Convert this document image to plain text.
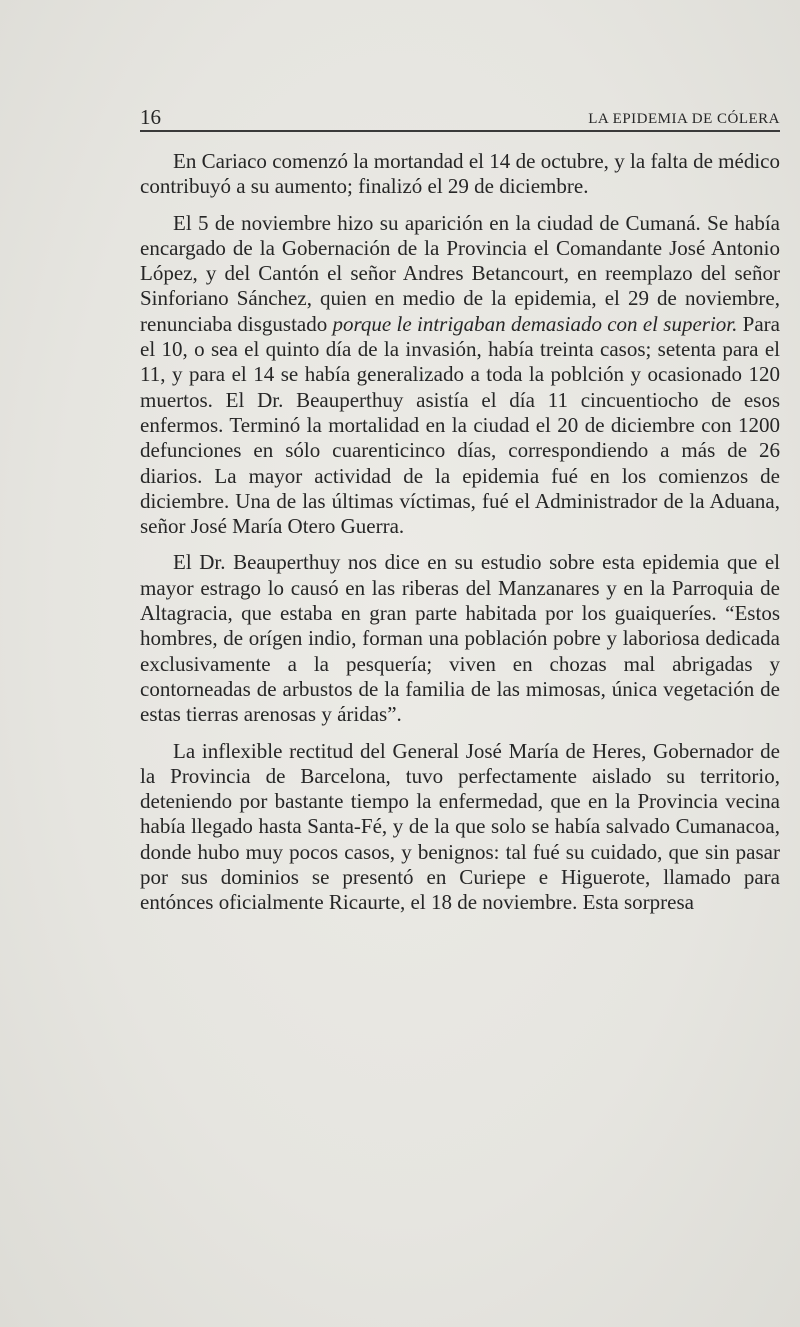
16	LA EPIDEMIA DE CÓLERA

En Cariaco comenzó la mortandad el 14 de octubre, y la falta de médico contribuyó a su aumento; finalizó el 29 de diciembre.

El 5 de noviembre hizo su aparición en la ciudad de Cumaná. Se había encargado de la Gobernación de la Provincia el Comandante José Antonio López, y del Cantón el señor Andres Betancourt, en reemplazo del señor Sinforiano Sánchez, quien en medio de la epidemia, el 29 de noviembre, renunciaba disgustado porque le intrigaban demasiado con el superior. Para el 10, o sea el quinto día de la invasión, había treinta casos; setenta para el 11, y para el 14 se había generalizado a toda la poblción y ocasionado 120 muertos. El Dr. Beauperthuy asistía el día 11 cincuentiocho de esos enfermos. Terminó la mortalidad en la ciudad el 20 de diciembre con 1200 defunciones en sólo cuarenticinco días, correspondiendo a más de 26 diarios. La mayor actividad de la epidemia fué en los comienzos de diciembre. Una de las últimas víctimas, fué el Administrador de la Aduana, señor José María Otero Guerra.

El Dr. Beauperthuy nos dice en su estudio sobre esta epidemia que el mayor estrago lo causó en las riberas del Manzanares y en la Parroquia de Altagracia, que estaba en gran parte habitada por los guaiqueríes. “Estos hombres, de orígen indio, forman una población pobre y laboriosa dedicada exclusivamente a la pesquería; viven en chozas mal abrigadas y contorneadas de arbustos de la familia de las mimosas, única vegetación de estas tierras arenosas y áridas”.

La inflexible rectitud del General José María de Heres, Gobernador de la Provincia de Barcelona, tuvo perfectamente aislado su territorio, deteniendo por bastante tiempo la enfermedad, que en la Provincia vecina había llegado hasta Santa-Fé, y de la que solo se había salvado Cumanacoa, donde hubo muy pocos casos, y benignos: tal fué su cuidado, que sin pasar por sus dominios se presentó en Curiepe e Higuerote, llamado para entónces oficialmente Ricaurte, el 18 de noviembre. Esta sorpresa
